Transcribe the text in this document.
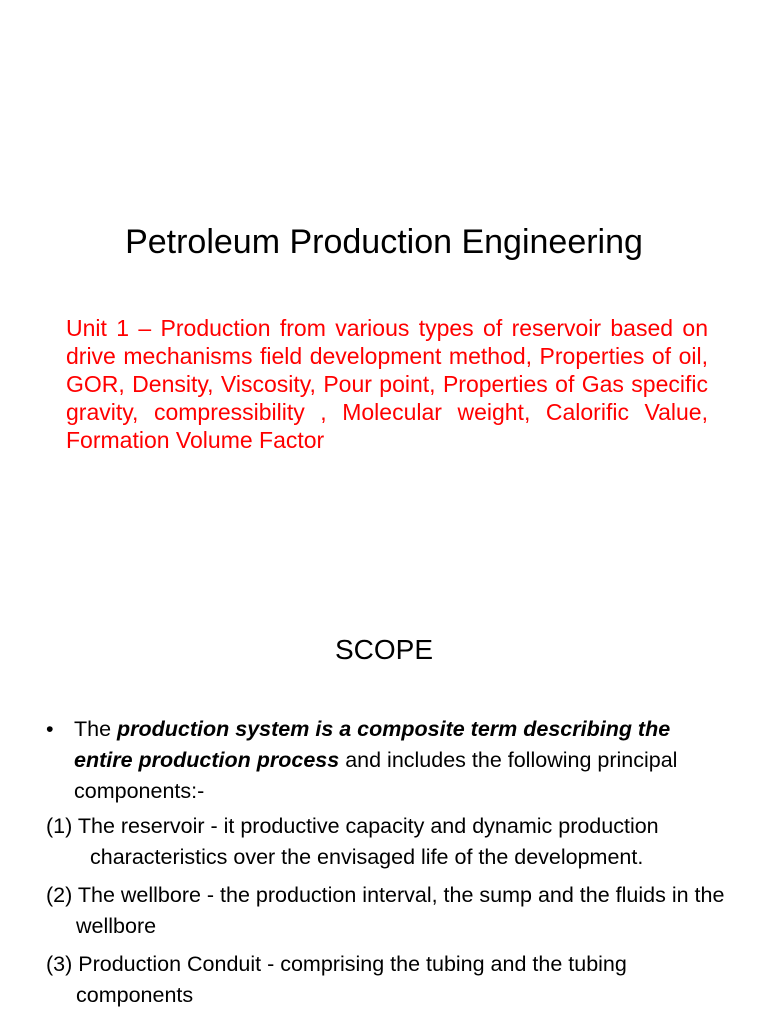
Petroleum Production Engineering
Unit 1 – Production from various types of reservoir based on drive mechanisms field development method, Properties of oil, GOR, Density, Viscosity, Pour point, Properties of Gas specific gravity, compressibility , Molecular weight, Calorific Value, Formation Volume Factor
SCOPE
• The production system is a composite term describing the entire production process and includes the following principal components:-
(1) The reservoir - it productive capacity and dynamic production characteristics over the envisaged life of the development.
(2) The wellbore - the production interval, the sump and the fluids in the wellbore
(3) Production Conduit - comprising the tubing and the tubing components
